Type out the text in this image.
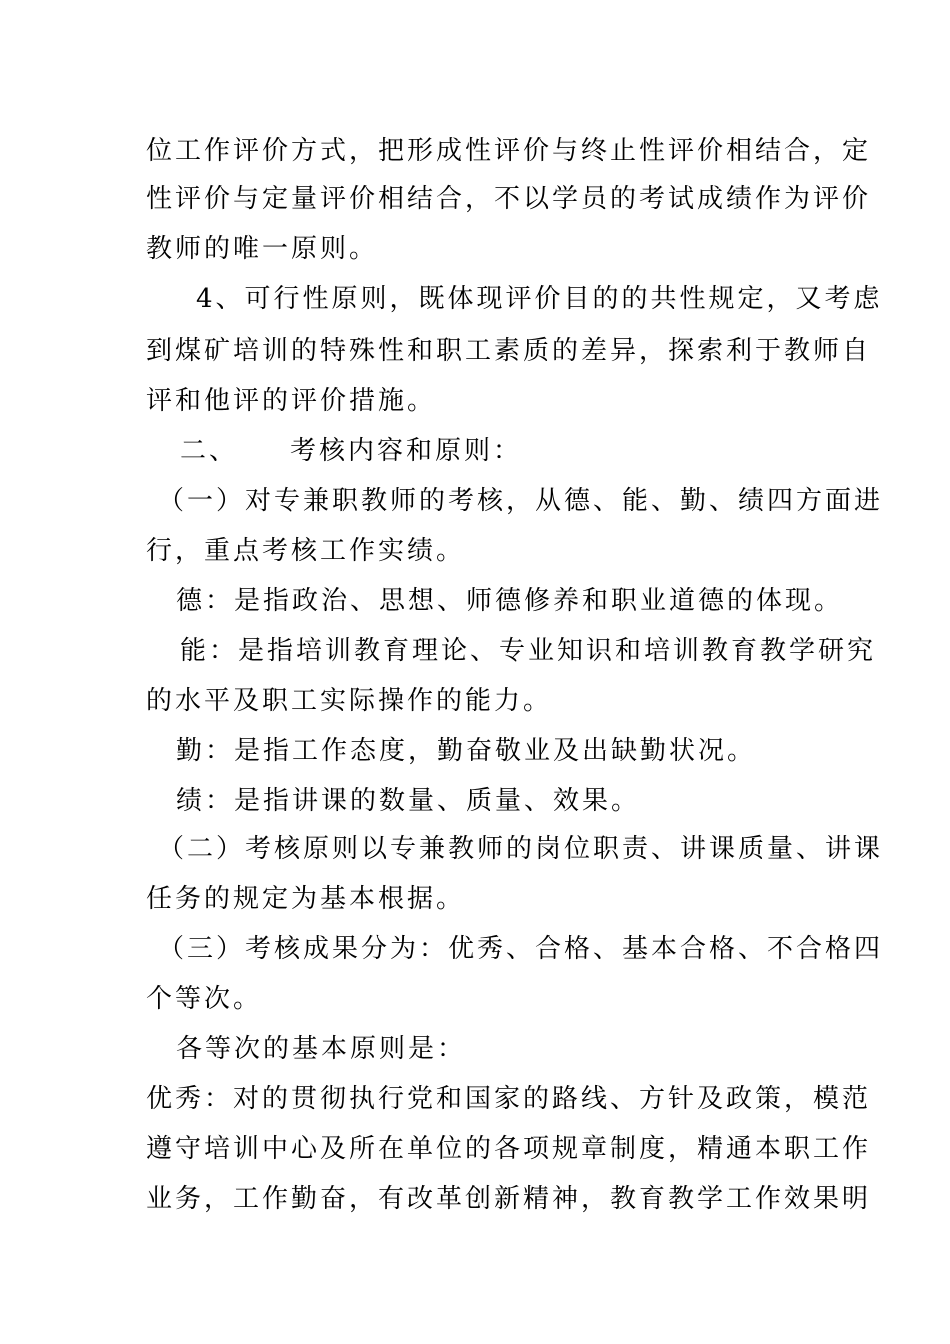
位工作评价方式，把形成性评价与终止性评价相结合，定
性评价与定量评价相结合，不以学员的考试成绩作为评价
教师的唯一原则。
4、可行性原则，既体现评价目的的共性规定，又考虑
到煤矿培训的特殊性和职工素质的差异，探索利于教师自
评和他评的评价措施。
二、 考核内容和原则：
（一）对专兼职教师的考核，从德、能、勤、绩四方面进
行，重点考核工作实绩。
德：是指政治、思想、师德修养和职业道德的体现。
能：是指培训教育理论、专业知识和培训教育教学研究
的水平及职工实际操作的能力。
勤：是指工作态度，勤奋敬业及出缺勤状况。
绩：是指讲课的数量、质量、效果。
（二）考核原则以专兼教师的岗位职责、讲课质量、讲课
任务的规定为基本根据。
（三）考核成果分为：优秀、合格、基本合格、不合格四
个等次。
各等次的基本原则是：
优秀：对的贯彻执行党和国家的路线、方针及政策，模范
遵守培训中心及所在单位的各项规章制度，精通本职工作
业务，工作勤奋，有改革创新精神，教育教学工作效果明
